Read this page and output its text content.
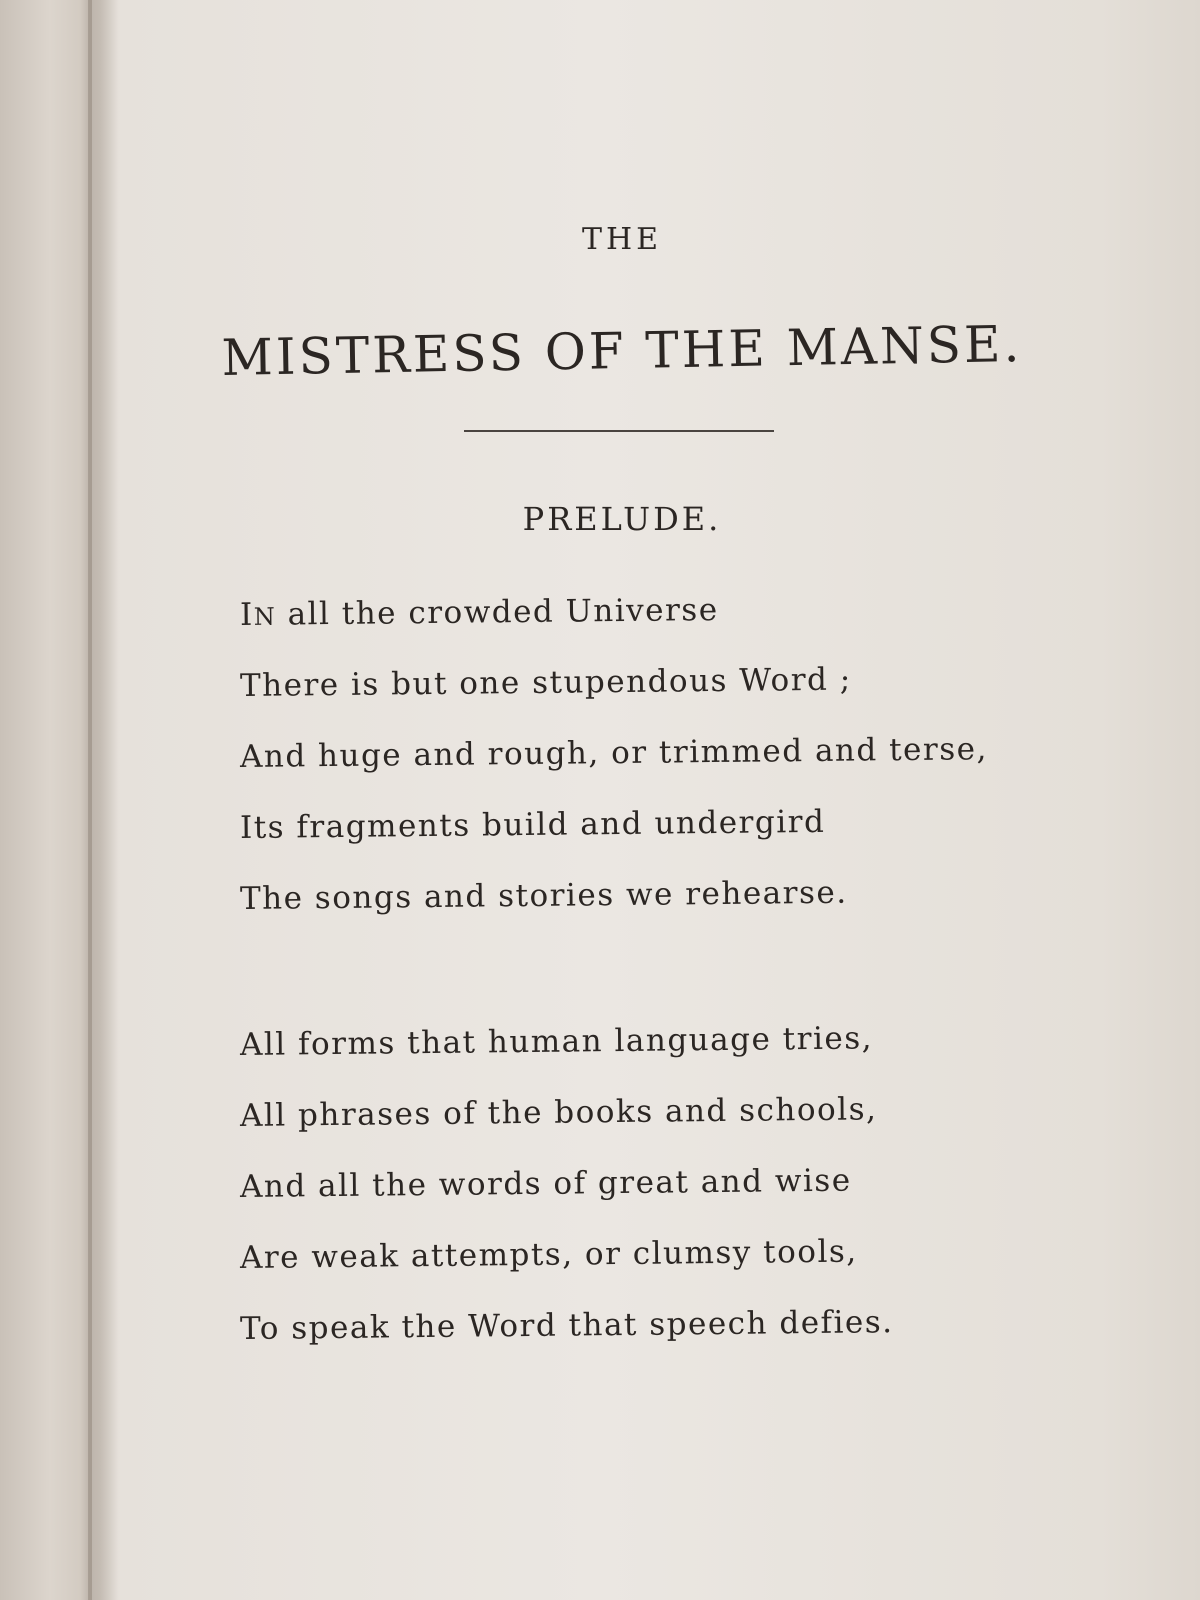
THE
MISTRESS OF THE MANSE.
PRELUDE.
IN all the crowded Universe
There is but one stupendous Word ;
And huge and rough, or trimmed and terse,
Its fragments build and undergird
The songs and stories we rehearse.
All forms that human language tries,
All phrases of the books and schools,
And all the words of great and wise
Are weak attempts, or clumsy tools,
To speak the Word that speech defies.
